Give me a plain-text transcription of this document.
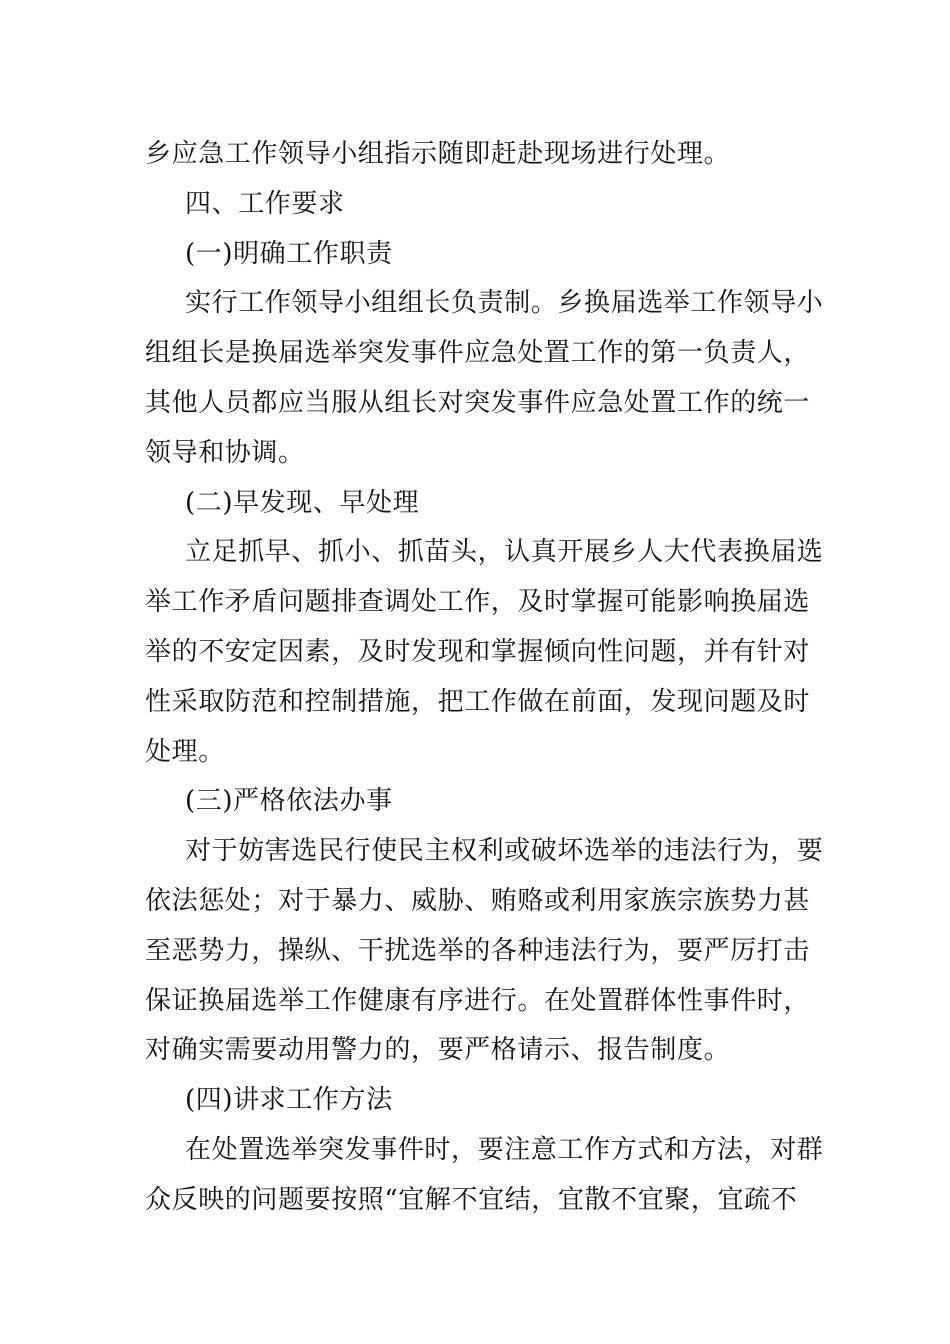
乡应急工作领导小组指示随即赶赴现场进行处理。
四、工作要求
(一)明确工作职责
实行工作领导小组组长负责制。乡换届选举工作领导小
组组长是换届选举突发事件应急处置工作的第一负责人，
其他人员都应当服从组长对突发事件应急处置工作的统一
领导和协调。
(二)早发现、早处理
立足抓早、抓小、抓苗头，认真开展乡人大代表换届选
举工作矛盾问题排查调处工作，及时掌握可能影响换届选
举的不安定因素，及时发现和掌握倾向性问题，并有针对
性采取防范和控制措施，把工作做在前面，发现问题及时
处理。
(三)严格依法办事
对于妨害选民行使民主权利或破坏选举的违法行为，要
依法惩处；对于暴力、威胁、贿赂或利用家族宗族势力甚
至恶势力，操纵、干扰选举的各种违法行为，要严厉打击
保证换届选举工作健康有序进行。在处置群体性事件时，
对确实需要动用警力的，要严格请示、报告制度。
(四)讲求工作方法
在处置选举突发事件时，要注意工作方式和方法，对群
众反映的问题要按照“宜解不宜结，宜散不宜聚，宜疏不
